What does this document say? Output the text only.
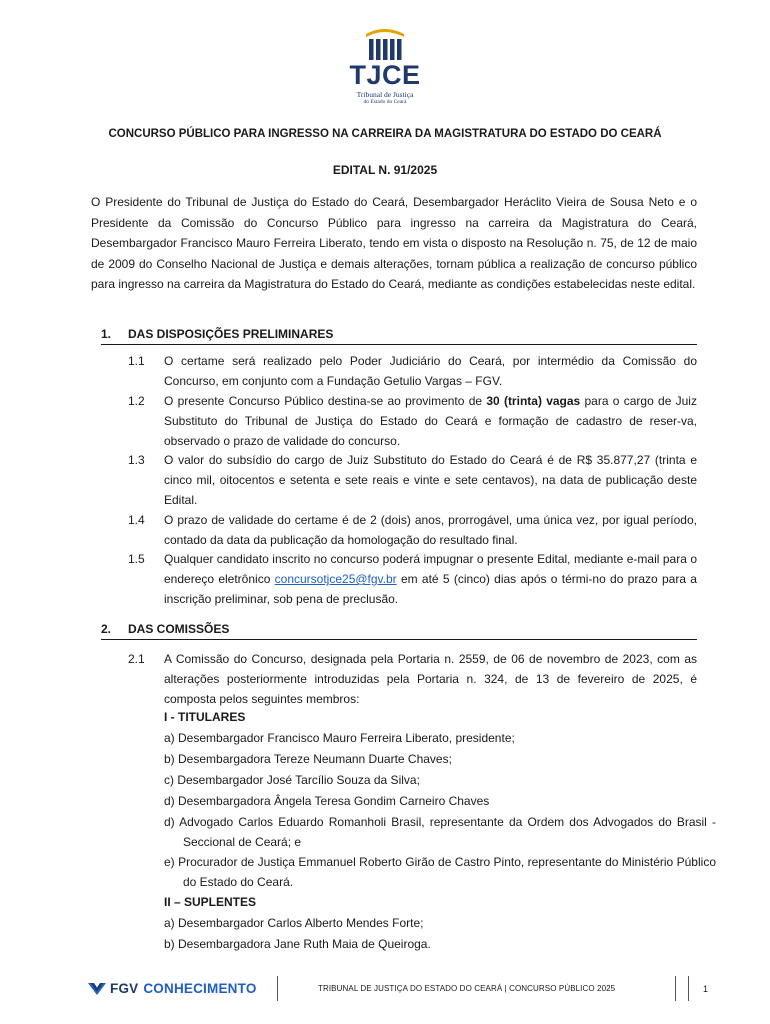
TJCE
Tribunal de Justiça
do Estado do Ceará
CONCURSO PÚBLICO PARA INGRESSO NA CARREIRA DA MAGISTRATURA DO ESTADO DO CEARÁ
EDITAL N. 91/2025
O Presidente do Tribunal de Justiça do Estado do Ceará, Desembargador Heráclito Vieira de Sousa Neto e o Presidente da Comissão do Concurso Público para ingresso na carreira da Magistratura do Ceará, Desembargador Francisco Mauro Ferreira Liberato, tendo em vista o disposto na Resolução n. 75, de 12 de maio de 2009 do Conselho Nacional de Justiça e demais alterações, tornam pública a realização de concurso público para ingresso na carreira da Magistratura do Estado do Ceará, mediante as condições estabelecidas neste edital.
1. DAS DISPOSIÇÕES PRELIMINARES
1.1	O certame será realizado pelo Poder Judiciário do Ceará, por intermédio da Comissão do Concurso, em conjunto com a Fundação Getulio Vargas – FGV.
1.2	O presente Concurso Público destina-se ao provimento de 30 (trinta) vagas para o cargo de Juiz Substituto do Tribunal de Justiça do Estado do Ceará e formação de cadastro de reser-va, observado o prazo de validade do concurso.
1.3	O valor do subsídio do cargo de Juiz Substituto do Estado do Ceará é de R$ 35.877,27 (trinta e cinco mil, oitocentos e setenta e sete reais e vinte e sete centavos), na data de publicação deste Edital.
1.4	O prazo de validade do certame é de 2 (dois) anos, prorrogável, uma única vez, por igual período, contado da data da publicação da homologação do resultado final.
1.5	Qualquer candidato inscrito no concurso poderá impugnar o presente Edital, mediante e-mail para o endereço eletrônico concursotjce25@fgv.br em até 5 (cinco) dias após o térmi-no do prazo para a inscrição preliminar, sob pena de preclusão.
2. DAS COMISSÕES
2.1	A Comissão do Concurso, designada pela Portaria n. 2559, de 06 de novembro de 2023, com as alterações posteriormente introduzidas pela Portaria n. 324, de 13 de fevereiro de 2025, é composta pelos seguintes membros:
I - TITULARES
a) Desembargador Francisco Mauro Ferreira Liberato, presidente;
b) Desembargadora Tereze Neumann Duarte Chaves;
c) Desembargador José Tarcílio Souza da Silva;
d) Desembargadora Ângela Teresa Gondim Carneiro Chaves
d) Advogado Carlos Eduardo Romanholi Brasil, representante da Ordem dos Advogados do Brasil - Seccional de Ceará; e
e) Procurador de Justiça Emmanuel Roberto Girão de Castro Pinto, representante do Ministério Público do Estado do Ceará.
II – SUPLENTES
a) Desembargador Carlos Alberto Mendes Forte;
b) Desembargadora Jane Ruth Maia de Queiroga.
FGV CONHECIMENTO	TRIBUNAL DE JUSTIÇA DO ESTADO DO CEARÁ | CONCURSO PÚBLICO 2025	1
